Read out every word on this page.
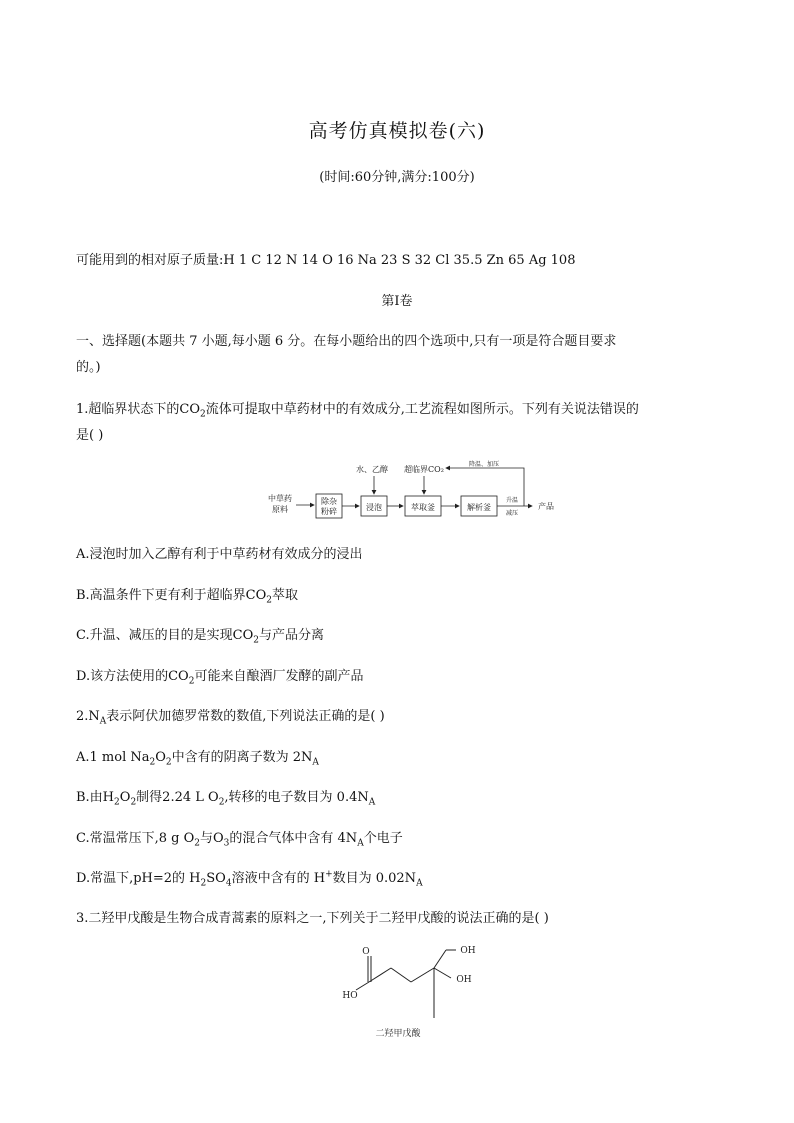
高考仿真模拟卷(六)
(时间:60分钟,满分:100分)
可能用到的相对原子质量:H 1 C 12 N 14 O 16 Na 23 S 32 Cl 35.5 Zn 65 Ag 108
第Ⅰ卷
一、选择题(本题共 7 小题,每小题 6 分。在每小题给出的四个选项中,只有一项是符合题目要求
的。)
1.超临界状态下的$CO_2$流体可提取中草药材中的有效成分,工艺流程如图所示。下列有关说法错误的
是( )
中草药
原料
除杂
粉碎	浸泡
水、乙醇
萃取釜
超临界CO₂
解析釜
升温
减压
产品
降温、加压
A.浸泡时加入乙醇有利于中草药材有效成分的浸出
B.高温条件下更有利于超临界$CO_2$萃取
C.升温、减压的目的是实现$CO_2$与产品分离
D.该方法使用的$CO_2$可能来自酿酒厂发酵的副产品
$2.N_A$表示阿伏加德罗常数的数值,下列说法正确的是( )
A.1 mol $Na_2O_2$中含有的阴离子数为 $2N_A$
B.由$H_2O_2$制得2.24 L $O_2$,转移的电子数目为 $0.4N_A$
C.常温常压下,8 g $O_2$与$O_3$的混合气体中含有 $4N_A$个电子
D.常温下,pH=2的 $H_2SO_4$溶液中含有的 H+数目为 $0.02N_A$
3.二羟甲戊酸是生物合成青蒿素的原料之一,下列关于二羟甲戊酸的说法正确的是( )
O
HO
OH
OH
二羟甲戊酸
